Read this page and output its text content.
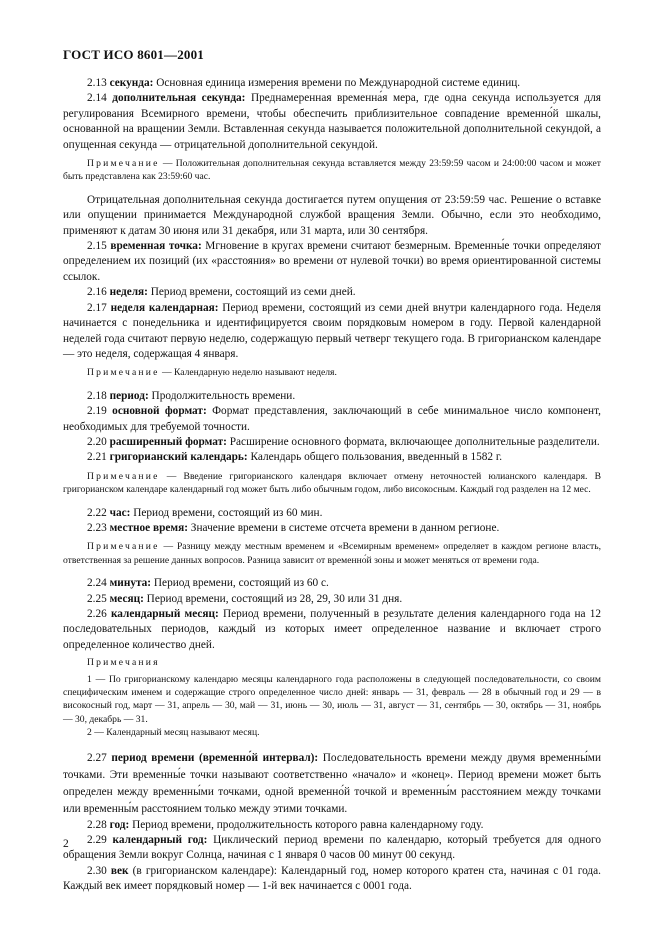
ГОСТ ИСО 8601—2001

2.13 секунда: Основная единица измерения времени по Международной системе единиц.

2.14 дополнительная секунда: Преднамеренная временна́я мера, где одна секунда используется для регулирования Всемирного времени, чтобы обеспечить приблизительное совпадение временно́й шкалы, основанной на вращении Земли. Вставленная секунда называется положительной дополнительной секундой, а опущенная секунда — отрицательной дополнительной секундой.

Примечание — Положительная дополнительная секунда вставляется между 23:59:59 часом и 24:00:00 часом и может быть представлена как 23:59:60 час.

Отрицательная дополнительная секунда достигается путем опущения от 23:59:59 час. Решение о вставке или опущении принимается Международной службой вращения Земли. Обычно, если это необходимо, применяют к датам 30 июня или 31 декабря, или 31 марта, или 30 сентября.

2.15 временная точка: Мгновение в кругах времени считают безмерным. Временны́е точки определяют определением их позиций (их «расстояния» во времени от нулевой точки) во время ориентированной системы ссылок.

2.16 неделя: Период времени, состоящий из семи дней.

2.17 неделя календарная: Период времени, состоящий из семи дней внутри календарного года. Неделя начинается с понедельника и идентифицируется своим порядковым номером в году. Первой календарной неделей года считают первую неделю, содержащую первый четверг текущего года. В григорианском календаре — это неделя, содержащая 4 января.

Примечание — Календарную неделю называют неделя.

2.18 период: Продолжительность времени.

2.19 основной формат: Формат представления, заключающий в себе минимальное число компонент, необходимых для требуемой точности.

2.20 расширенный формат: Расширение основного формата, включающее дополнительные разделители.

2.21 григорианский календарь: Календарь общего пользования, введенный в 1582 г.

Примечание — Введение григорианского календаря включает отмену неточностей юлианского календаря. В григорианском календаре календарный год может быть либо обычным годом, либо високосным. Каждый год разделен на 12 мес.

2.22 час: Период времени, состоящий из 60 мин.

2.23 местное время: Значение времени в системе отсчета времени в данном регионе.

Примечание — Разницу между местным временем и «Всемирным временем» определяет в каждом регионе власть, ответственная за решение данных вопросов. Разница зависит от временно́й зоны и может меняться от времени года.

2.24 минута: Период времени, состоящий из 60 с.

2.25 месяц: Период времени, состоящий из 28, 29, 30 или 31 дня.

2.26 календарный месяц: Период времени, полученный в результате деления календарного года на 12 последовательных периодов, каждый из которых имеет определенное название и включает строго определенное количество дней.

Примечания

1 — По григорианскому календарю месяцы календарного года расположены в следующей последовательности, со своим специфическим именем и содержащие строго определенное число дней: январь — 31, февраль — 28 в обычный год и 29 — в високосный год, март — 31, апрель — 30, май — 31, июнь — 30, июль — 31, август — 31, сентябрь — 30, октябрь — 31, ноябрь — 30, декабрь — 31.

2 — Календарный месяц называют месяц.

2.27 период времени (временно́й интервал): Последовательность времени между двумя временны́ми точками. Эти временны́е точки называют соответственно «начало» и «конец». Период времени может быть определен между временны́ми точками, одной временно́й точкой и временны́м расстоянием между точками или временны́м расстоянием только между этими точками.

2.28 год: Период времени, продолжительность которого равна календарному году.

2.29 календарный год: Циклический период времени по календарю, который требуется для одного обращения Земли вокруг Солнца, начиная с 1 января 0 часов 00 минут 00 секунд.

2.30 век (в григорианском календаре): Календарный год, номер которого кратен ста, начиная с 01 года. Каждый век имеет порядковый номер — 1-й век начинается с 0001 года.

2
